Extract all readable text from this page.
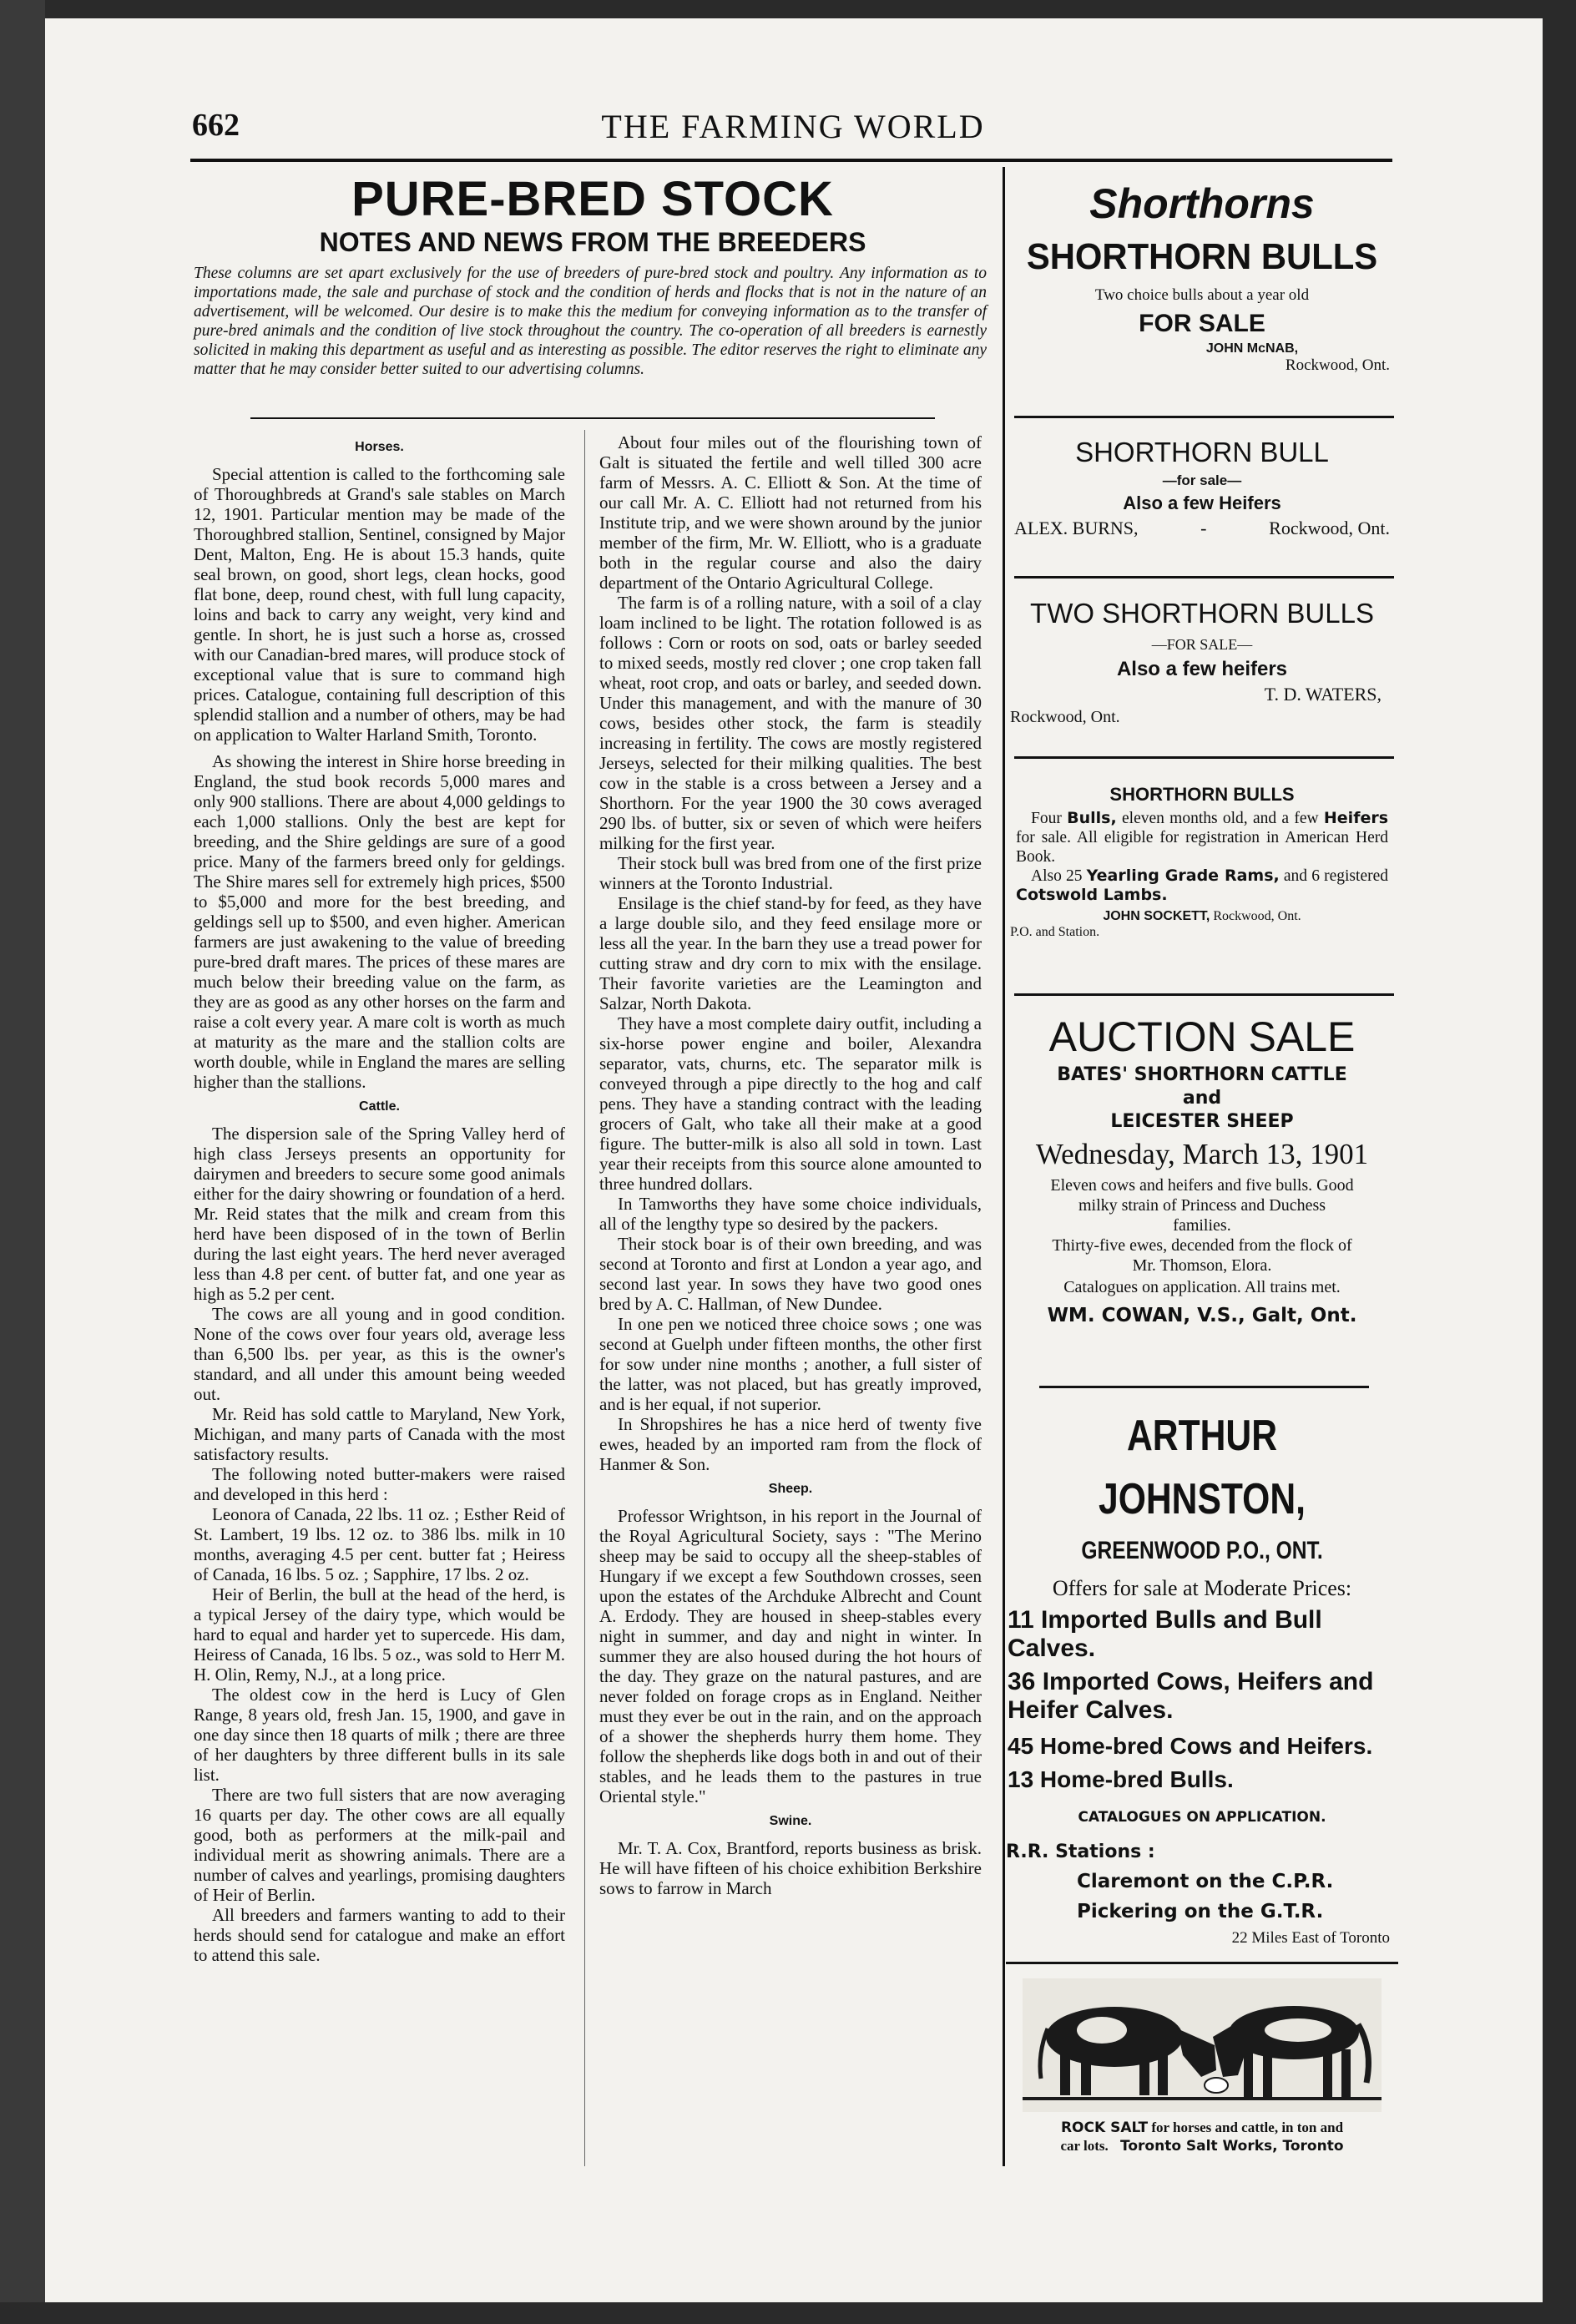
662	THE FARMING WORLD
PURE-BRED STOCK
NOTES AND NEWS FROM THE BREEDERS
These columns are set apart exclusively for the use of breeders of pure-bred stock and poultry. Any information as to importations made, the sale and purchase of stock and the condition of herds and flocks that is not in the nature of an advertisement, will be welcomed. Our desire is to make this the medium for conveying information as to the transfer of pure-bred animals and the condition of live stock throughout the country. The co-operation of all breeders is earnestly solicited in making this department as useful and as interesting as possible. The editor reserves the right to eliminate any matter that he may consider better suited to our advertising columns.
Horses.

Special attention is called to the forthcoming sale of Thoroughbreds at Grand's sale stables on March 12, 1901. Particular mention may be made of the Thoroughbred stallion, Sentinel, consigned by Major Dent, Malton, Eng. He is about 15.3 hands, quite seal brown, on good, short legs, clean hocks, good flat bone, deep, round chest, with full lung capacity, loins and back to carry any weight, very kind and gentle. In short, he is just such a horse as, crossed with our Canadian-bred mares, will produce stock of exceptional value that is sure to command high prices. Catalogue, containing full description of this splendid stallion and a number of others, may be had on application to Walter Harland Smith, Toronto.

As showing the interest in Shire horse breeding in England, the stud book records 5,000 mares and only 900 stallions. There are about 4,000 geldings to each 1,000 stallions. Only the best are kept for breeding, and the Shire geldings are sure of a good price. Many of the farmers breed only for geldings. The Shire mares sell for extremely high prices, $500 to $5,000 and more for the best breeding, and geldings sell up to $500, and even higher. American farmers are just awakening to the value of breeding pure-bred draft mares. The prices of these mares are much below their breeding value on the farm, as they are as good as any other horses on the farm and raise a colt every year. A mare colt is worth as much at maturity as the mare and the stallion colts are worth double, while in England the mares are selling higher than the stallions.

Cattle.

The dispersion sale of the Spring Valley herd of high class Jerseys presents an opportunity for dairymen and breeders to secure some good animals either for the dairy showring or foundation of a herd. Mr. Reid states that the milk and cream from this herd have been disposed of in the town of Berlin during the last eight years. The herd never averaged less than 4.8 per cent. of butter fat, and one year as high as 5.2 per cent.

The cows are all young and in good condition. None of the cows over four years old, average less than 6,500 lbs. per year, as this is the owner's standard, and all under this amount being weeded out.

Mr. Reid has sold cattle to Maryland, New York, Michigan, and many parts of Canada with the most satisfactory results.

The following noted butter-makers were raised and developed in this herd :

Leonora of Canada, 22 lbs. 11 oz. ; Esther Reid of St. Lambert, 19 lbs. 12 oz. to 386 lbs. milk in 10 months, averaging 4.5 per cent. butter fat ; Heiress of Canada, 16 lbs. 5 oz. ; Sapphire, 17 lbs. 2 oz.

Heir of Berlin, the bull at the head of the herd, is a typical Jersey of the dairy type, which would be hard to equal and harder yet to supercede. His dam, Heiress of Canada, 16 lbs. 5 oz., was sold to Herr M. H. Olin, Remy, N.J., at a long price.

The oldest cow in the herd is Lucy of Glen Range, 8 years old, fresh Jan. 15, 1900, and gave in one day since then 18 quarts of milk ; there are three of her daughters by three different bulls in its sale list.

There are two full sisters that are now averaging 16 quarts per day. The other cows are all equally good, both as performers at the milk-pail and individual merit as showring animals. There are a number of calves and yearlings, promising daughters of Heir of Berlin.

All breeders and farmers wanting to add to their herds should send for catalogue and make an effort to attend this sale.

About four miles out of the flourishing town of Galt is situated the fertile and well tilled 300 acre farm of Messrs. A. C. Elliott & Son. At the time of our call Mr. A. C. Elliott had not returned from his Institute trip, and we were shown around by the junior member of the firm, Mr. W. Elliott, who is a graduate both in the regular course and also the dairy department of the Ontario Agricultural College.

The farm is of a rolling nature, with a soil of a clay loam inclined to be light. The rotation followed is as follows : Corn or roots on sod, oats or barley seeded to mixed seeds, mostly red clover ; one crop taken fall wheat, root crop, and oats or barley, and seeded down. Under this management, and with the manure of 30 cows, besides other stock, the farm is steadily increasing in fertility. The cows are mostly registered Jerseys, selected for their milking qualities. The best cow in the stable is a cross between a Jersey and a Shorthorn. For the year 1900 the 30 cows averaged 290 lbs. of butter, six or seven of which were heifers milking for the first year.

Their stock bull was bred from one of the first prize winners at the Toronto Industrial.

Ensilage is the chief stand-by for feed, as they have a large double silo, and they feed ensilage more or less all the year. In the barn they use a tread power for cutting straw and dry corn to mix with the ensilage. Their favorite varieties are the Leamington and Salzar, North Dakota.

They have a most complete dairy outfit, including a six-horse power engine and boiler, Alexandra separator, vats, churns, etc. The separator milk is conveyed through a pipe directly to the hog and calf pens. They have a standing contract with the leading grocers of Galt, who take all their make at a good figure. The butter-milk is also all sold in town. Last year their receipts from this source alone amounted to three hundred dollars.

In Tamworths they have some choice individuals, all of the lengthy type so desired by the packers.

Their stock boar is of their own breeding, and was second at Toronto and first at London a year ago, and second last year. In sows they have two good ones bred by A. C. Hallman, of New Dundee.

In one pen we noticed three choice sows ; one was second at Guelph under fifteen months, the other first for sow under nine months ; another, a full sister of the latter, was not placed, but has greatly improved, and is her equal, if not superior.

In Shropshires he has a nice herd of twenty five ewes, headed by an imported ram from the flock of Hanmer & Son.

Sheep.

Professor Wrightson, in his report in the Journal of the Royal Agricultural Society, says : "The Merino sheep may be said to occupy all the sheep-stables of Hungary if we except a few Southdown crosses, seen upon the estates of the Archduke Albrecht and Count A. Erdody. They are housed in sheep-stables every night in summer, and day and night in winter. In summer they are also housed during the hot hours of the day. They graze on the natural pastures, and are never folded on forage crops as in England. Neither must they ever be out in the rain, and on the approach of a shower the shepherds hurry them home. They follow the shepherds like dogs both in and out of their stables, and he leads them to the pastures in true Oriental style."

Swine.

Mr. T. A. Cox, Brantford, reports business as brisk. He will have fifteen of his choice exhibition Berkshire sows to farrow in March

Shorthorns
SHORTHORN BULLS
Two choice bulls about a year old
FOR SALE
JOHN McNAB,
Rockwood, Ont.
SHORTHORN BULL
—for sale—
Also a few Heifers
ALEX. BURNS,	-	Rockwood, Ont.
TWO SHORTHORN BULLS
—FOR SALE—
Also a few heifers
T. D. WATERS,
Rockwood, Ont.
SHORTHORN BULLS
Four Bulls, eleven months old, and a few Heifers for sale. All eligible for registration in American Herd Book.
Also 25 Yearling Grade Rams, and 6 registered Cotswold Lambs.
JOHN SOCKETT, Rockwood, Ont.
P.O. and Station.
AUCTION SALE
BATES' SHORTHORN CATTLE
and
LEICESTER SHEEP
Wednesday, March 13, 1901
Eleven cows and heifers and five bulls. Good milky strain of Princess and Duchess families.
Thirty-five ewes, decended from the flock of Mr. Thomson, Elora.
Catalogues on application. All trains met.
WM. COWAN, V.S., Galt, Ont.
ARTHUR JOHNSTON,
GREENWOOD P.O., ONT.
Offers for sale at Moderate Prices:
11 Imported Bulls and Bull Calves.
36 Imported Cows, Heifers and Heifer Calves.
45 Home-bred Cows and Heifers.
13 Home-bred Bulls.
CATALOGUES ON APPLICATION.
R.R. Stations :
Claremont on the C.P.R.
Pickering on the G.T.R.
22 Miles East of Toronto
ROCK SALT for horses and cattle, in ton and
car lots. Toronto Salt Works, Toronto
